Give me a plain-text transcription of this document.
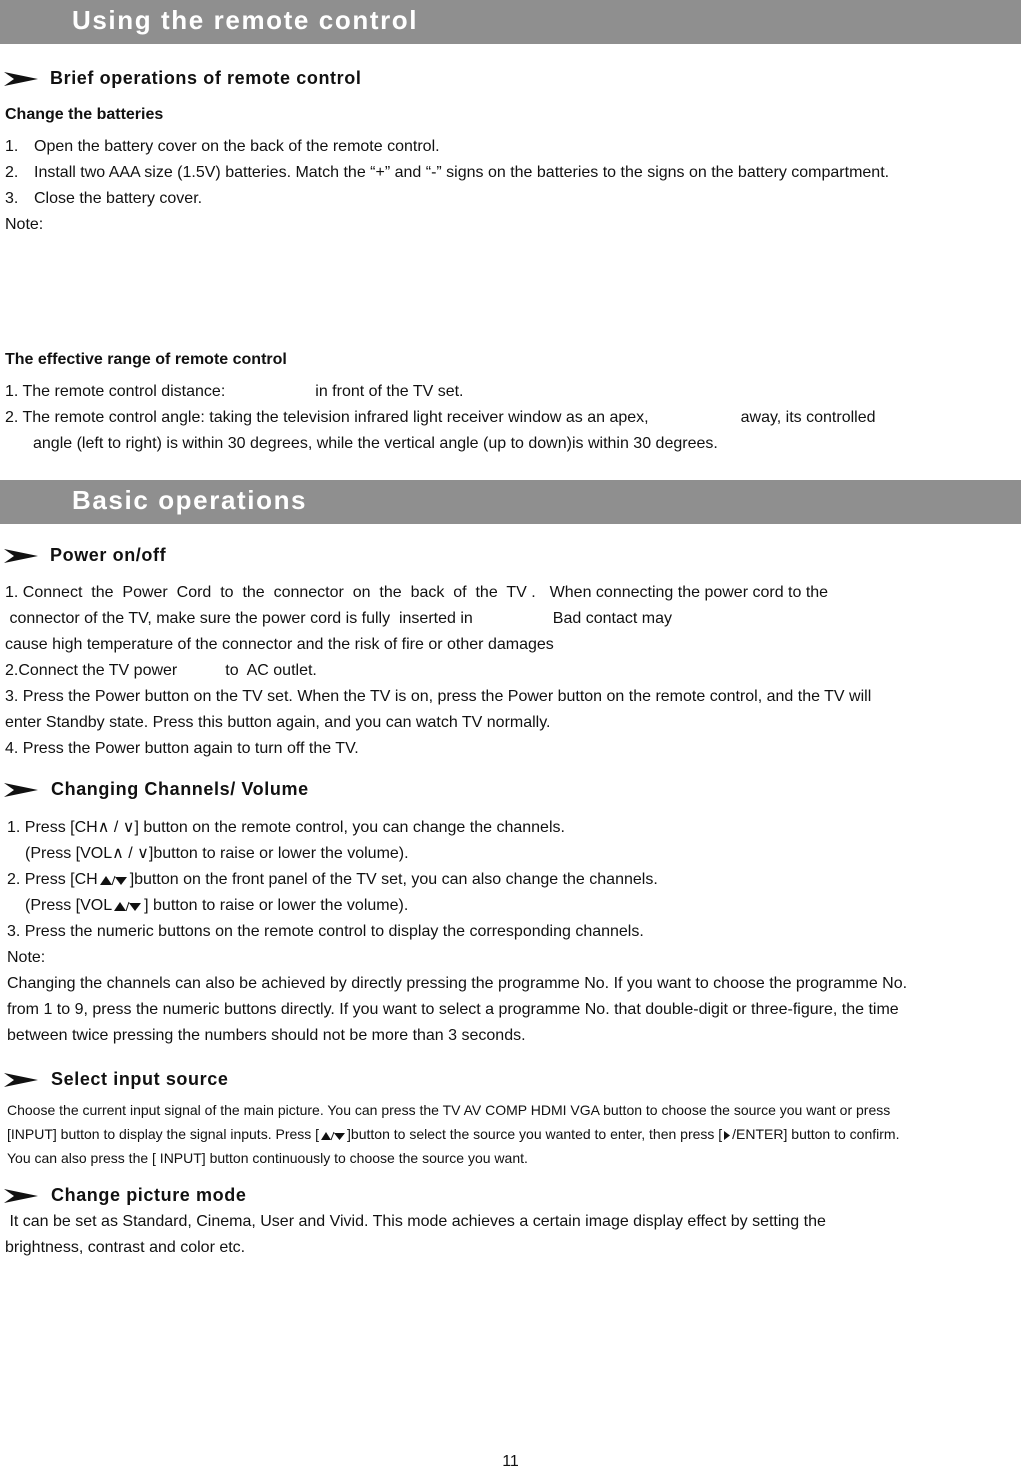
Using the remote control
Brief operations of remote control
Change the batteries
1. Open the battery cover on the back of the remote control.
2. Install two AAA size (1.5V) batteries. Match the “+” and “-” signs on the batteries to the signs on the battery compartment.
3. Close the battery cover.
Note:
The effective range of remote control
1. The remote control distance:	in front of the TV set.
2. The remote control angle: taking the television infrared light receiver window as an apex,	away, its controlled
angle (left to right) is within 30 degrees, while the vertical angle (up to down)is within 30 degrees.
Basic operations
Power on/off
1. Connect  the  Power  Cord  to  the  connector  on  the  back  of  the  TV . When connecting the power cord to the
connector of the TV, make sure the power cord is fully  inserted in	Bad contact may
cause high temperature of the connector and the risk of fire or other damages
2.Connect the TV power	to  AC outlet.
3. Press the Power button on the TV set. When the TV is on, press the Power button on the remote control, and the TV will
enter Standby state. Press this button again, and you can watch TV normally.
4. Press the Power button again to turn off the TV.
Changing Channels/ Volume
1. Press [CH∧ / ∨] button on the remote control, you can change the channels.
(Press [VOL∧ / ∨]button to raise or lower the volume).
2. Press [CH ]button on the front panel of the TV set, you can also change the channels.
(Press [VOL ] button to raise or lower the volume).
3. Press the numeric buttons on the remote control to display the corresponding channels.
Note:
Changing the channels can also be achieved by directly pressing the programme No. If you want to choose the programme No.
from 1 to 9, press the numeric buttons directly. If you want to select a programme No. that double-digit or three-figure, the time
between twice pressing the numbers should not be more than 3 seconds.
Select input source
Choose the current input signal of the main picture. You can press the TV AV COMP HDMI VGA button to choose the source you want or press
[INPUT] button to display the signal inputs. Press [ ]button to select the source you wanted to enter, then press [ /ENTER] button to confirm.
You can also press the [ INPUT] button continuously to choose the source you want.
Change picture mode
It can be set as Standard, Cinema, User and Vivid. This mode achieves a certain image display effect by setting the
brightness, contrast and color etc.
11
